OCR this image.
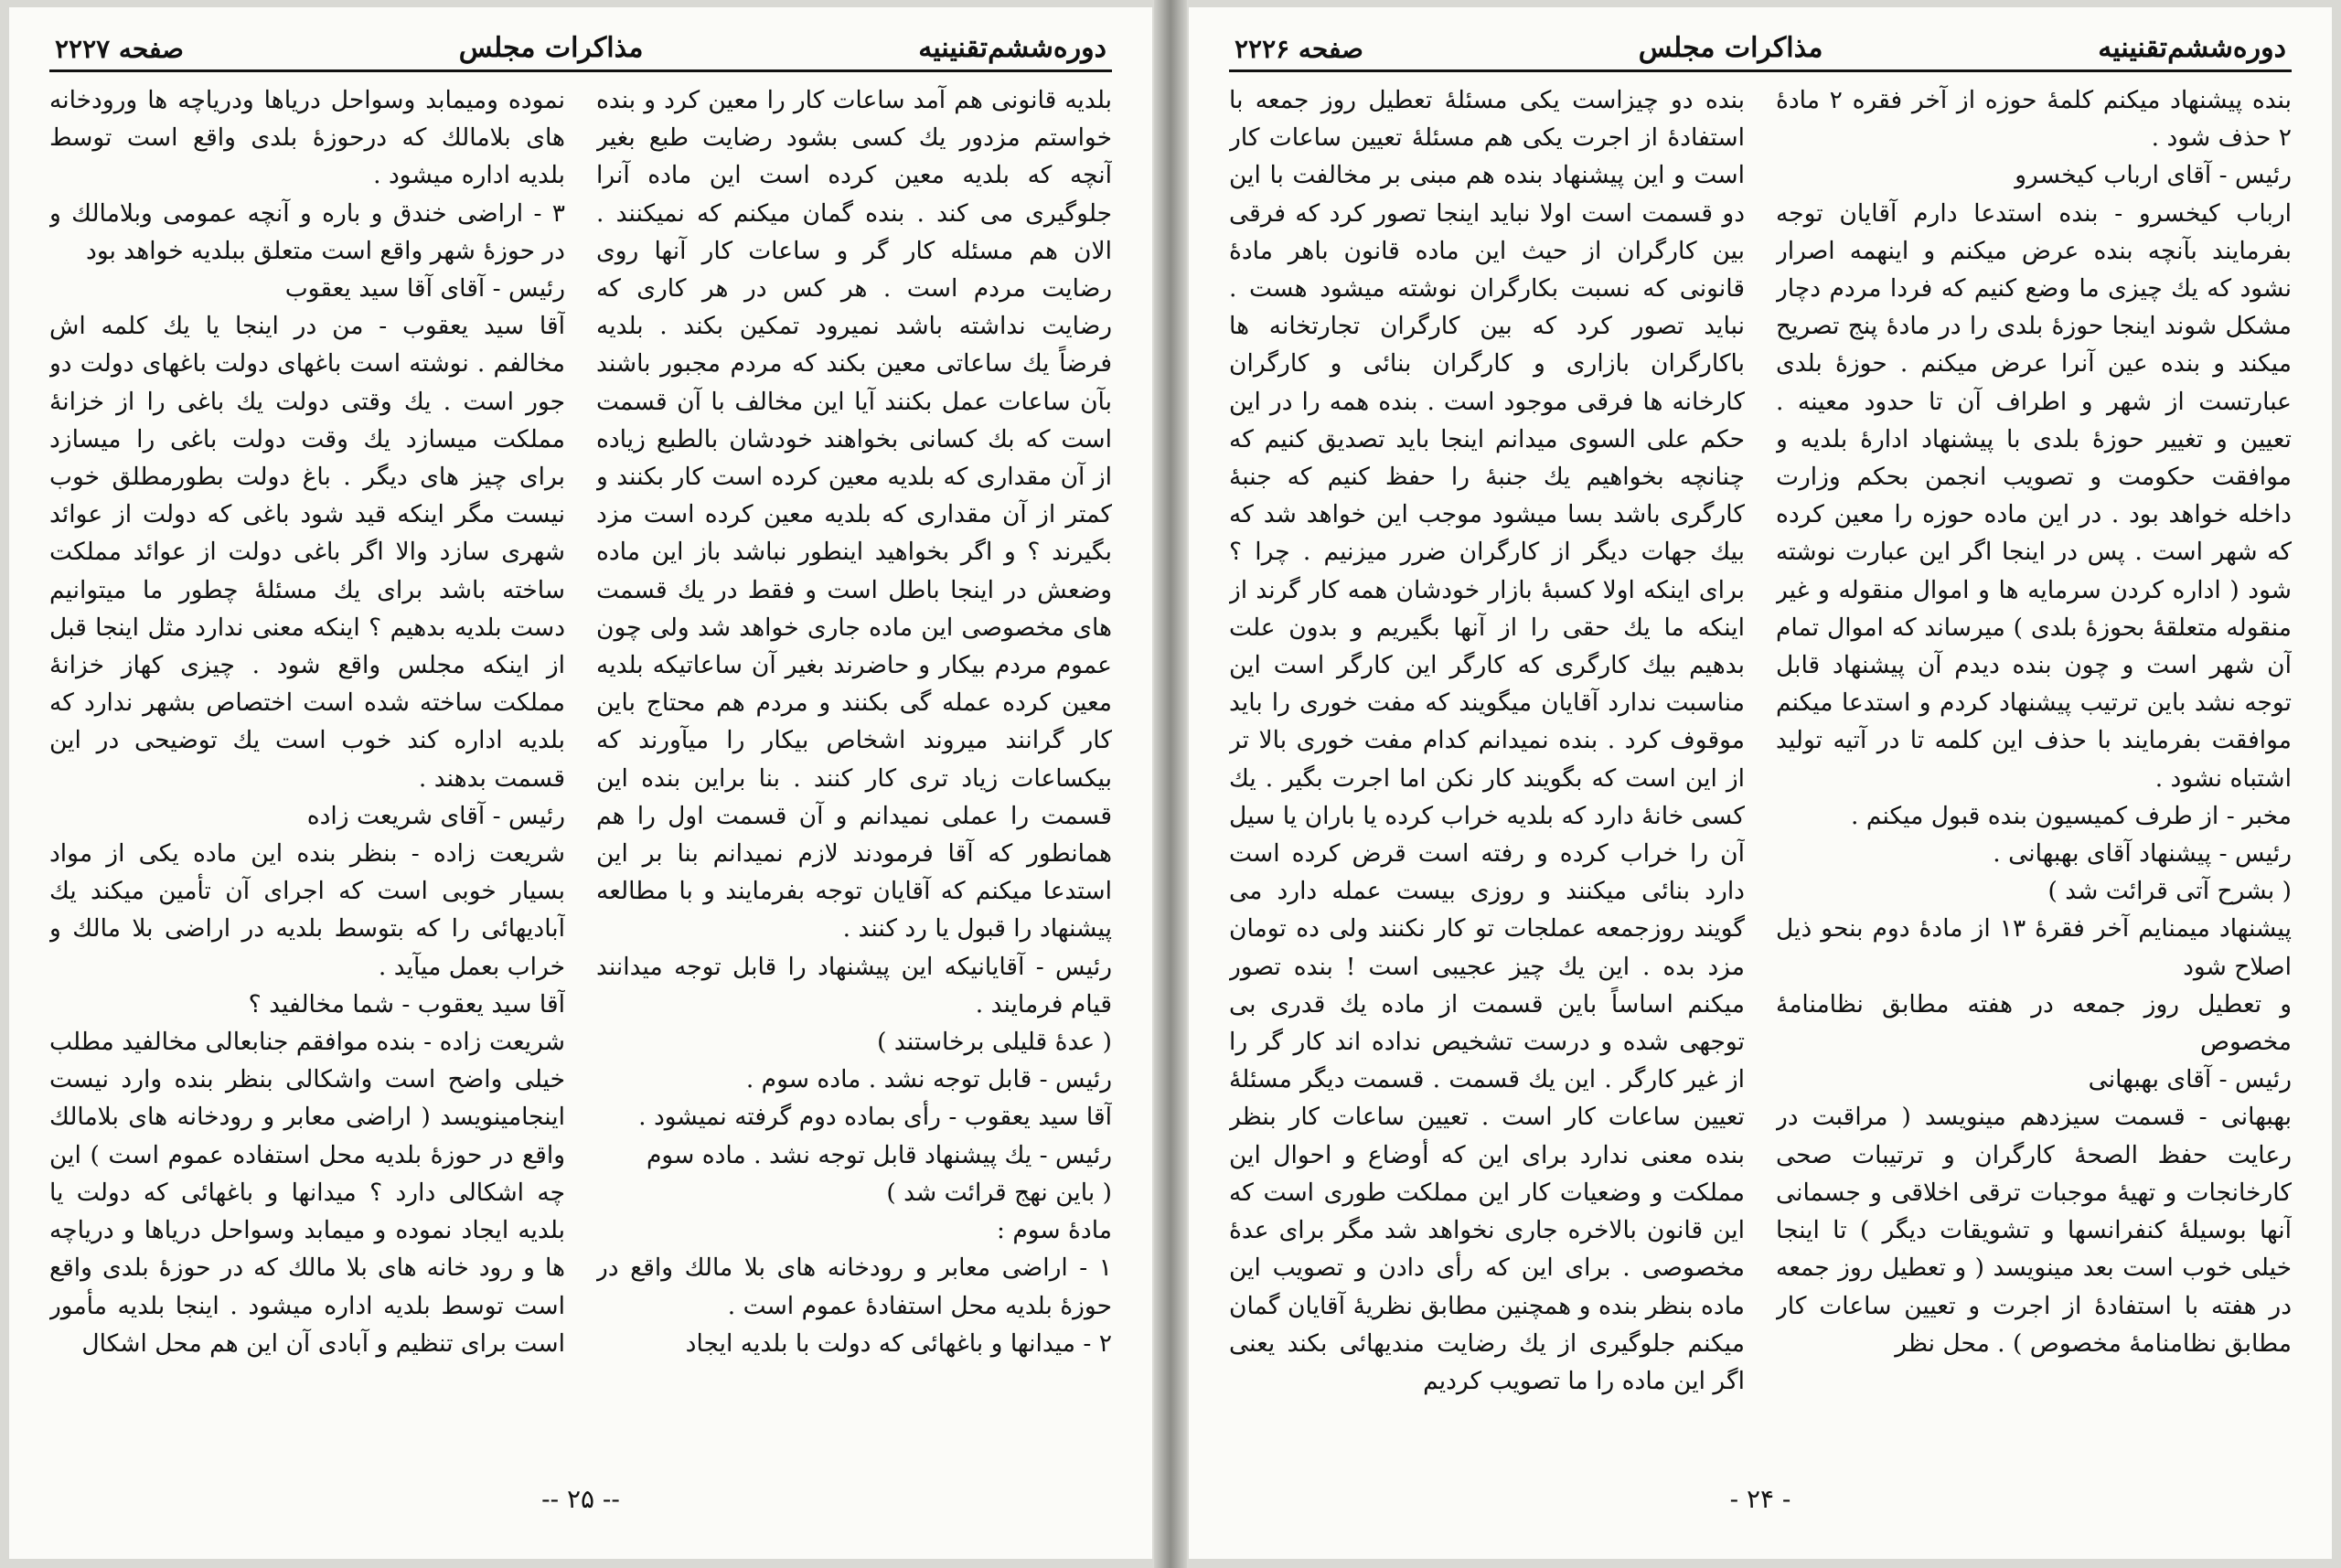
دوره‌ششم‌تقنینیه
مذاکرات مجلس
صفحه ۲۲۲۷

بلدیه قانونی هم آمد ساعات کار را معین کرد و بنده خواستم مزدور یك کسی بشود رضایت طبع بغیر آنچه که بلدیه معین کرده است این ماده آنرا جلوگیری می کند . بنده گمان میکنم که نمیکنند . الان هم مسئله کار گر و ساعات کار آنها روی رضایت مردم است . هر کس در هر کاری که رضایت نداشته باشد نمیرود تمکین بکند . بلدیه فرضاً یك ساعاتی معین بکند که مردم مجبور باشند بآن ساعات عمل بکنند آیا این مخالف با آن قسمت است که بك کسانی بخواهند خودشان بالطبع زیاده از آن مقداری که بلدیه معین کرده است کار بکنند و کمتر از آن مقداری که بلدیه معین کرده است مزد بگیرند ؟ و اگر بخواهید اینطور نباشد باز این ماده وضعش در اینجا باطل است و فقط در یك قسمت های مخصوصی این ماده جاری خواهد شد ولی چون عموم مردم بیکار و حاضرند بغیر آن ساعاتیکه بلدیه معین کرده عمله گی بکنند و مردم هم محتاج باین کار گرانند میروند اشخاص بیکار را میآورند که بیکساعات زیاد تری کار کنند . بنا براین بنده این قسمت را عملی نمیدانم و آن قسمت اول را هم همانطور که آقا فرمودند لازم نمیدانم بنا بر این استدعا میکنم که آقایان توجه بفرمایند و با مطالعه پیشنهاد را قبول یا رد کنند .
رئیس - آقایانیکه این پیشنهاد را قابل توجه میدانند قیام فرمایند .
( عدهٔ قلیلی برخاستند )
رئیس - قابل توجه نشد . ماده سوم .
آقا سید یعقوب - رأی بماده دوم گرفته نمیشود .
رئیس - یك پیشنهاد قابل توجه نشد . ماده سوم
( باین نهج قرائت شد )
مادهٔ سوم :
۱ - اراضی معابر و رودخانه های بلا مالك واقع در حوزهٔ بلدیه محل استفادهٔ عموم است .
۲ - میدانها و باغهائی که دولت با بلدیه ایجاد

نموده ومیمابد وسواحل دریاها ودریاچه ها ورودخانه های بلامالك که درحوزهٔ بلدی واقع است توسط بلدیه اداره میشود .
۳ - اراضی خندق و باره و آنچه عمومی وبلامالك و در حوزهٔ شهر واقع است متعلق ببلدیه خواهد بود
رئیس - آقای آقا سید یعقوب
آقا سید یعقوب - من در اینجا یا یك کلمه اش مخالفم . نوشته است باغهای دولت باغهای دولت دو جور است . یك وقتی دولت یك باغی را از خزانهٔ مملکت میسازد یك وقت دولت باغی را میسازد برای چیز های دیگر . باغ دولت بطورمطلق خوب نیست مگر اینکه قید شود باغی که دولت از عوائد شهری سازد والا اگر باغی دولت از عوائد مملکت ساخته باشد برای یك مسئلهٔ چطور ما میتوانیم دست بلدیه بدهیم ؟ اینکه معنی ندارد مثل اینجا قبل از اینکه مجلس واقع شود . چیزی کهاز خزانهٔ مملکت ساخته شده است اختصاص بشهر ندارد که بلدیه اداره کند خوب است یك توضیحی در این قسمت بدهند .
رئیس - آقای شریعت زاده
شریعت زاده - بنظر بنده این ماده یکی از مواد بسیار خوبی است که اجرای آن تأمین میکند یك آبادیهائی را که بتوسط بلدیه در اراضی بلا مالك و خراب بعمل میآید .
آقا سید یعقوب - شما مخالفید ؟
شریعت زاده - بنده موافقم جنابعالی مخالفید مطلب خیلی واضح است واشکالی بنظر بنده وارد نیست اینجامینویسد ( اراضی معابر و رودخانه های بلامالك واقع در حوزهٔ بلدیه محل استفاده عموم است ) این چه اشکالی دارد ؟ میدانها و باغهائی که دولت یا بلدیه ایجاد نموده و میمابد وسواحل دریاها و دریاچه ها و رود خانه های بلا مالك که در حوزهٔ بلدی واقع است توسط بلدیه اداره میشود . اینجا بلدیه مأمور است برای تنظیم و آبادی آن این هم محل اشکال

-- ۲۵ --
دوره‌ششم‌تقنینیه
مذاکرات مجلس
صفحه ۲۲۲۶

بنده پیشنهاد میکنم کلمهٔ حوزه از آخر فقره ۲ مادهٔ ۲ حذف شود .
رئیس - آقای ارباب کیخسرو
ارباب کیخسرو - بنده استدعا دارم آقایان توجه بفرمایند بآنچه بنده عرض میکنم و اینهمه اصرار نشود که یك چیزی ما وضع کنیم که فردا مردم دچار مشکل شوند اینجا حوزهٔ بلدی را در مادهٔ پنج تصریح میکند و بنده عین آنرا عرض میکنم . حوزهٔ بلدی عبارتست از شهر و اطراف آن تا حدود معینه . تعیین و تغییر حوزهٔ بلدی با پیشنهاد ادارهٔ بلدیه و موافقت حکومت و تصویب انجمن بحکم وزارت داخله خواهد بود . در این ماده حوزه را معین کرده که شهر است . پس در اینجا اگر این عبارت نوشته شود ( اداره کردن سرمایه ها و اموال منقوله و غیر منقوله متعلقهٔ بحوزهٔ بلدی ) میرساند که اموال تمام آن شهر است و چون بنده دیدم آن پیشنهاد قابل توجه نشد باین ترتیب پیشنهاد کردم و استدعا میکنم موافقت بفرمایند با حذف این کلمه تا در آتیه تولید اشتباه نشود .
مخبر - از طرف کمیسیون بنده قبول میکنم .
رئیس - پیشنهاد آقای بهبهانی .
( بشرح آتی قرائت شد )
پیشنهاد میمنایم آخر فقرهٔ ۱۳ از مادهٔ دوم بنحو ذیل اصلاح شود
و تعطیل روز جمعه در هفته مطابق نظامنامهٔ مخصوص
رئیس - آقای بهبهانی
بهبهانی - قسمت سیزدهم مینویسد ( مراقبت در رعایت حفظ الصحهٔ کارگران و ترتیبات صحی کارخانجات و تهیهٔ موجبات ترقی اخلاقی و جسمانی آنها بوسیلهٔ کنفرانسها و تشویقات دیگر ) تا اینجا خیلی خوب است بعد مینویسد ( و تعطیل روز جمعه در هفته با استفادهٔ از اجرت و تعیین ساعات کار مطابق نظامنامهٔ مخصوص ) . محل نظر

بنده دو چیزاست یکی مسئلهٔ تعطیل روز جمعه با استفادهٔ از اجرت یکی هم مسئلهٔ تعیین ساعات کار است و این پیشنهاد بنده هم مبنی بر مخالفت با این دو قسمت است اولا نباید اینجا تصور کرد که فرقی بین کارگران از حیث این ماده قانون باهر مادهٔ قانونی که نسبت بکارگران نوشته میشود هست . نباید تصور کرد که بین کارگران تجارتخانه ها باکارگران بازاری و کارگران بنائی و کارگران کارخانه ها فرقی موجود است . بنده همه را در این حکم علی السوی میدانم اینجا باید تصدیق کنیم که چنانچه بخواهیم یك جنبهٔ را حفظ کنیم که جنبهٔ کارگری باشد بسا میشود موجب این خواهد شد که بیك جهات دیگر از کارگران ضرر میزنیم . چرا ؟ برای اینکه اولا کسبهٔ بازار خودشان همه کار گرند از اینکه ما یك حقی را از آنها بگیریم و بدون علت بدهیم بیك کارگری که کارگر این کارگر است این مناسبت ندارد آقایان میگویند که مفت خوری را باید موقوف کرد . بنده نمیدانم کدام مفت خوری بالا تر از این است که بگویند کار نکن اما اجرت بگیر . یك کسی خانهٔ دارد که بلدیه خراب کرده یا باران یا سیل آن را خراب کرده و رفته است قرض کرده است دارد بنائی میکنند و روزی بیست عمله دارد می گویند روزجمعه عملجات تو کار نکنند ولی ده تومان مزد بده . این یك چیز عجیبی است ! بنده تصور میکنم اساساً باین قسمت از ماده یك قدری بی توجهی شده و درست تشخیص نداده اند کار گر را از غیر کارگر . این یك قسمت . قسمت دیگر مسئلهٔ تعیین ساعات کار است . تعیین ساعات کار بنظر بنده معنی ندارد برای این که أوضاع و احوال این مملکت و وضعیات کار این مملکت طوری است که این قانون بالاخره جاری نخواهد شد مگر برای عدهٔ مخصوصی . برای این که رأی دادن و تصویب این ماده بنظر بنده و همچنین مطابق نظریهٔ آقایان گمان میکنم جلوگیری از یك رضایت مندیهائی بکند یعنی اگر این ماده را ما تصویب کردیم

- ۲۴ -
